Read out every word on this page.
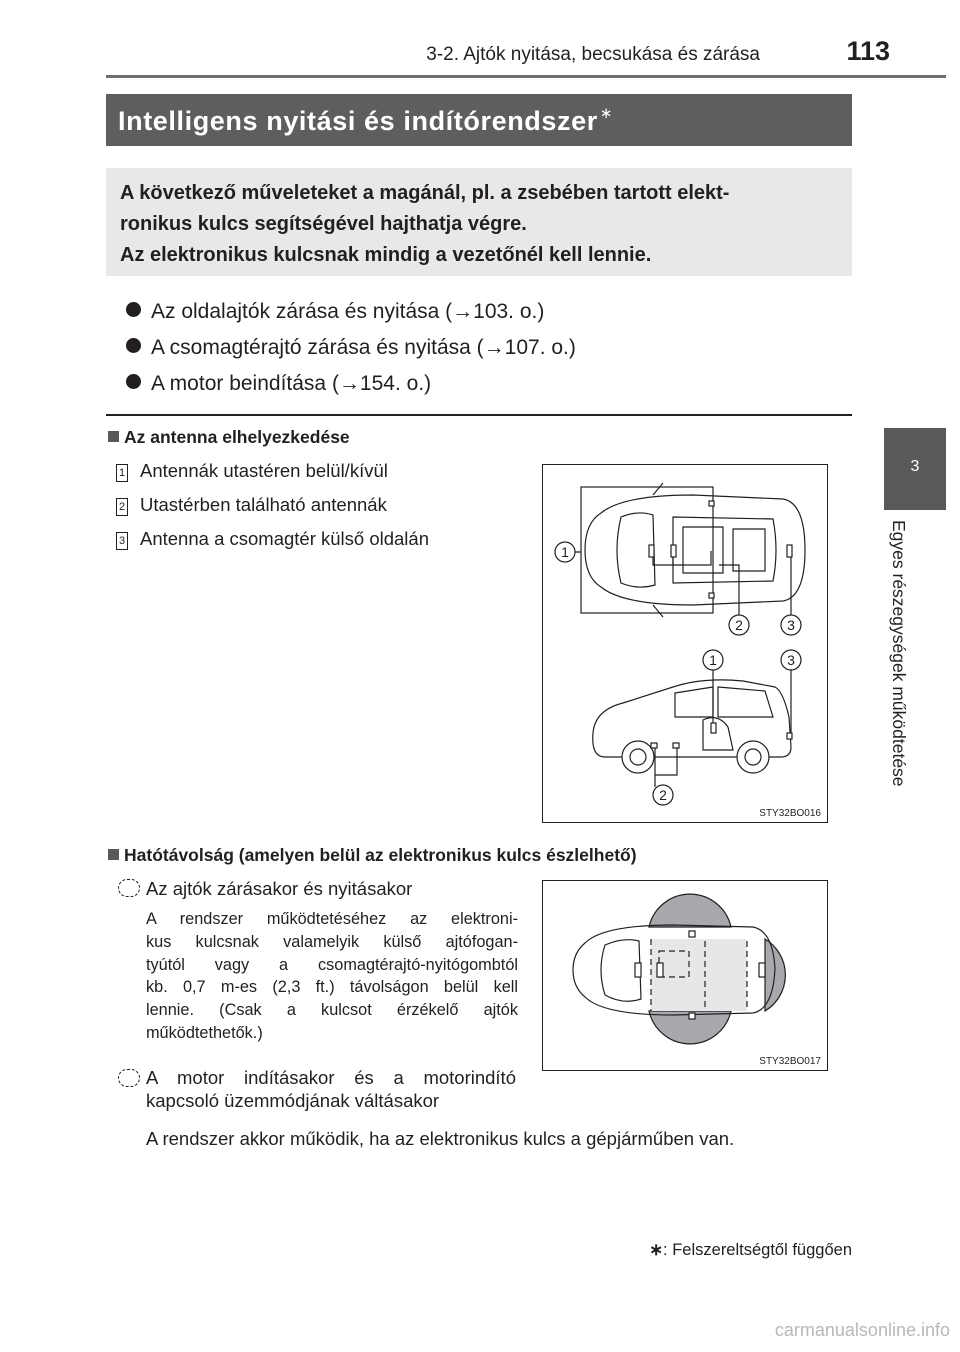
3-2. Ajtók nyitása, becsukása és zárása	113
3
Egyes részegységek működtetése
Intelligens nyitási és indítórendszer ∗
A következő műveleteket a magánál, pl. a zsebében tartott elekt-
ronikus kulcs segítségével hajthatja végre.
Az elektronikus kulcsnak mindig a vezetőnél kell lennie.
Az oldalajtók zárása és nyitása (→103. o.)
A csomagtérajtó zárása és nyitása (→107. o.)
A motor beindítása (→154. o.)
Az antenna elhelyezkedése
1 Antennák utastéren belül/kívül
2 Utastérben található antennák
3 Antenna a csomagtér külső oldalán
1
2	3
1	3
2
STY32BO016
Hatótávolság (amelyen belül az elektronikus kulcs észlelhető)
Az ajtók zárásakor és nyitásakor
A rendszer működtetéséhez az elektroni-
kus kulcsnak valamelyik külső ajtófogan-
tyútól vagy a csomagtérajtó-nyitógombtól
kb. 0,7 m-es (2,3 ft.) távolságon belül kell
lennie. (Csak a kulcsot érzékelő ajtók
működtethetők.)
A motor indításakor és a motorindító
kapcsoló üzemmódjának váltásakor
A rendszer akkor működik, ha az elektronikus kulcs a gépjárműben van.
STY32BO017
∗: Felszereltségtől függően
carmanualsonline.info
